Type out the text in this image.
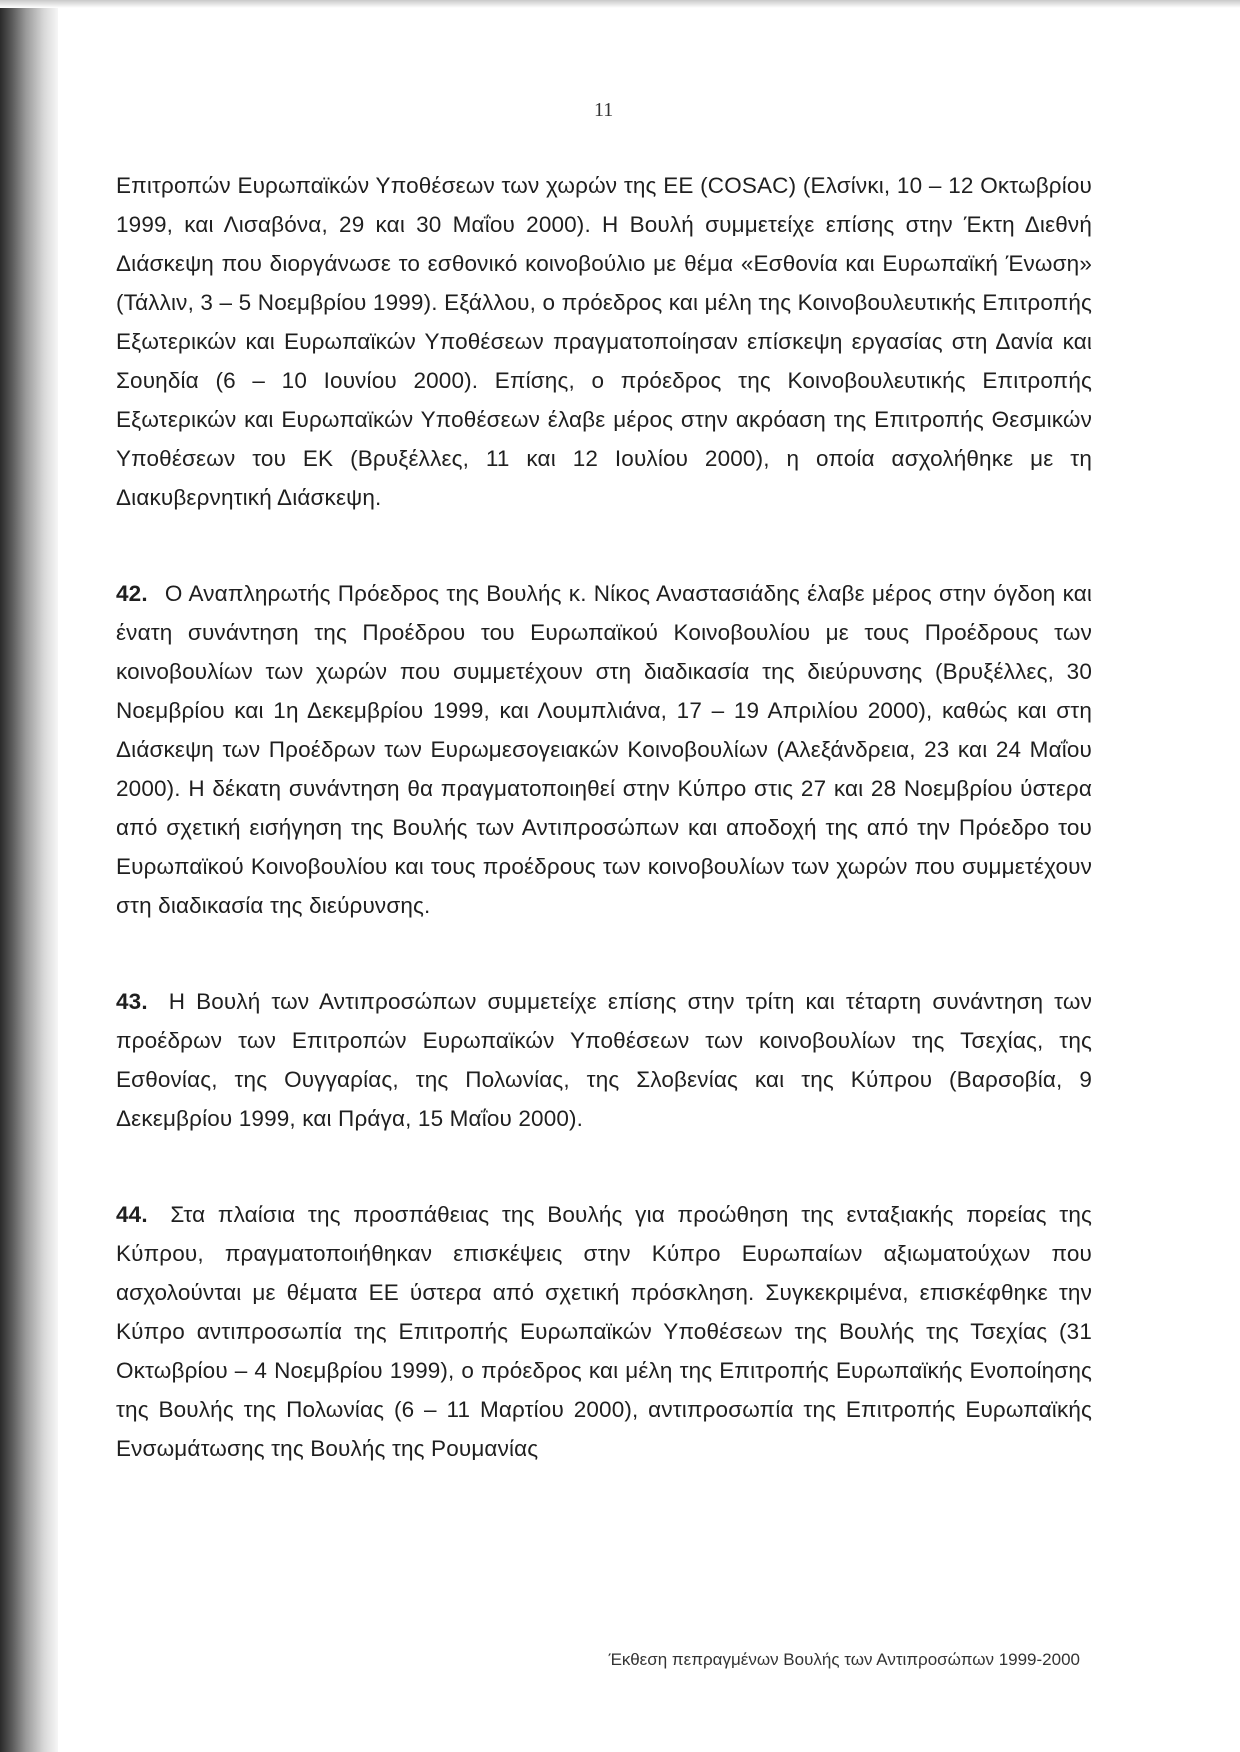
11

Επιτροπών Ευρωπαϊκών Υποθέσεων των χωρών της ΕΕ (COSAC) (Ελσίνκι, 10 – 12 Οκτωβρίου 1999, και Λισαβόνα, 29 και 30 Μαΐου 2000). Η Βουλή συμμετείχε επίσης στην Έκτη Διεθνή Διάσκεψη που διοργάνωσε το εσθονικό κοινοβούλιο με θέμα «Εσθονία και Ευρωπαϊκή Ένωση» (Τάλλιν, 3 – 5 Νοεμβρίου 1999). Εξάλλου, ο πρόεδρος και μέλη της Κοινοβουλευτικής Επιτροπής Εξωτερικών και Ευρωπαϊκών Υποθέσεων πραγματοποίησαν επίσκεψη εργασίας στη Δανία και Σουηδία (6 – 10 Ιουνίου 2000). Επίσης, ο πρόεδρος της Κοινοβουλευτικής Επιτροπής Εξωτερικών και Ευρωπαϊκών Υποθέσεων έλαβε μέρος στην ακρόαση της Επιτροπής Θεσμικών Υποθέσεων του ΕΚ (Βρυξέλλες, 11 και 12 Ιουλίου 2000), η οποία ασχολήθηκε με τη Διακυβερνητική Διάσκεψη.

42. Ο Αναπληρωτής Πρόεδρος της Βουλής κ. Νίκος Αναστασιάδης έλαβε μέρος στην όγδοη και ένατη συνάντηση της Προέδρου του Ευρωπαϊκού Κοινοβουλίου με τους Προέδρους των κοινοβουλίων των χωρών που συμμετέχουν στη διαδικασία της διεύρυνσης (Βρυξέλλες, 30 Νοεμβρίου και 1η Δεκεμβρίου 1999, και Λουμπλιάνα, 17 – 19 Απριλίου 2000), καθώς και στη Διάσκεψη των Προέδρων των Ευρωμεσογειακών Κοινοβουλίων (Αλεξάνδρεια, 23 και 24 Μαΐου 2000). Η δέκατη συνάντηση θα πραγματοποιηθεί στην Κύπρο στις 27 και 28 Νοεμβρίου ύστερα από σχετική εισήγηση της Βουλής των Αντιπροσώπων και αποδοχή της από την Πρόεδρο του Ευρωπαϊκού Κοινοβουλίου και τους προέδρους των κοινοβουλίων των χωρών που συμμετέχουν στη διαδικασία της διεύρυνσης.

43. Η Βουλή των Αντιπροσώπων συμμετείχε επίσης στην τρίτη και τέταρτη συνάντηση των προέδρων των Επιτροπών Ευρωπαϊκών Υποθέσεων των κοινοβουλίων της Τσεχίας, της Εσθονίας, της Ουγγαρίας, της Πολωνίας, της Σλοβενίας και της Κύπρου (Βαρσοβία, 9 Δεκεμβρίου 1999, και Πράγα, 15 Μαΐου 2000).

44. Στα πλαίσια της προσπάθειας της Βουλής για προώθηση της ενταξιακής πορείας της Κύπρου, πραγματοποιήθηκαν επισκέψεις στην Κύπρο Ευρωπαίων αξιωματούχων που ασχολούνται με θέματα ΕΕ ύστερα από σχετική πρόσκληση. Συγκεκριμένα, επισκέφθηκε την Κύπρο αντιπροσωπία της Επιτροπής Ευρωπαϊκών Υποθέσεων της Βουλής της Τσεχίας (31 Οκτωβρίου – 4 Νοεμβρίου 1999), ο πρόεδρος και μέλη της Επιτροπής Ευρωπαϊκής Ενοποίησης της Βουλής της Πολωνίας (6 – 11 Μαρτίου 2000), αντιπροσωπία της Επιτροπής Ευρωπαϊκής Ενσωμάτωσης της Βουλής της Ρουμανίας

Έκθεση πεπραγμένων Βουλής των Αντιπροσώπων 1999-2000
